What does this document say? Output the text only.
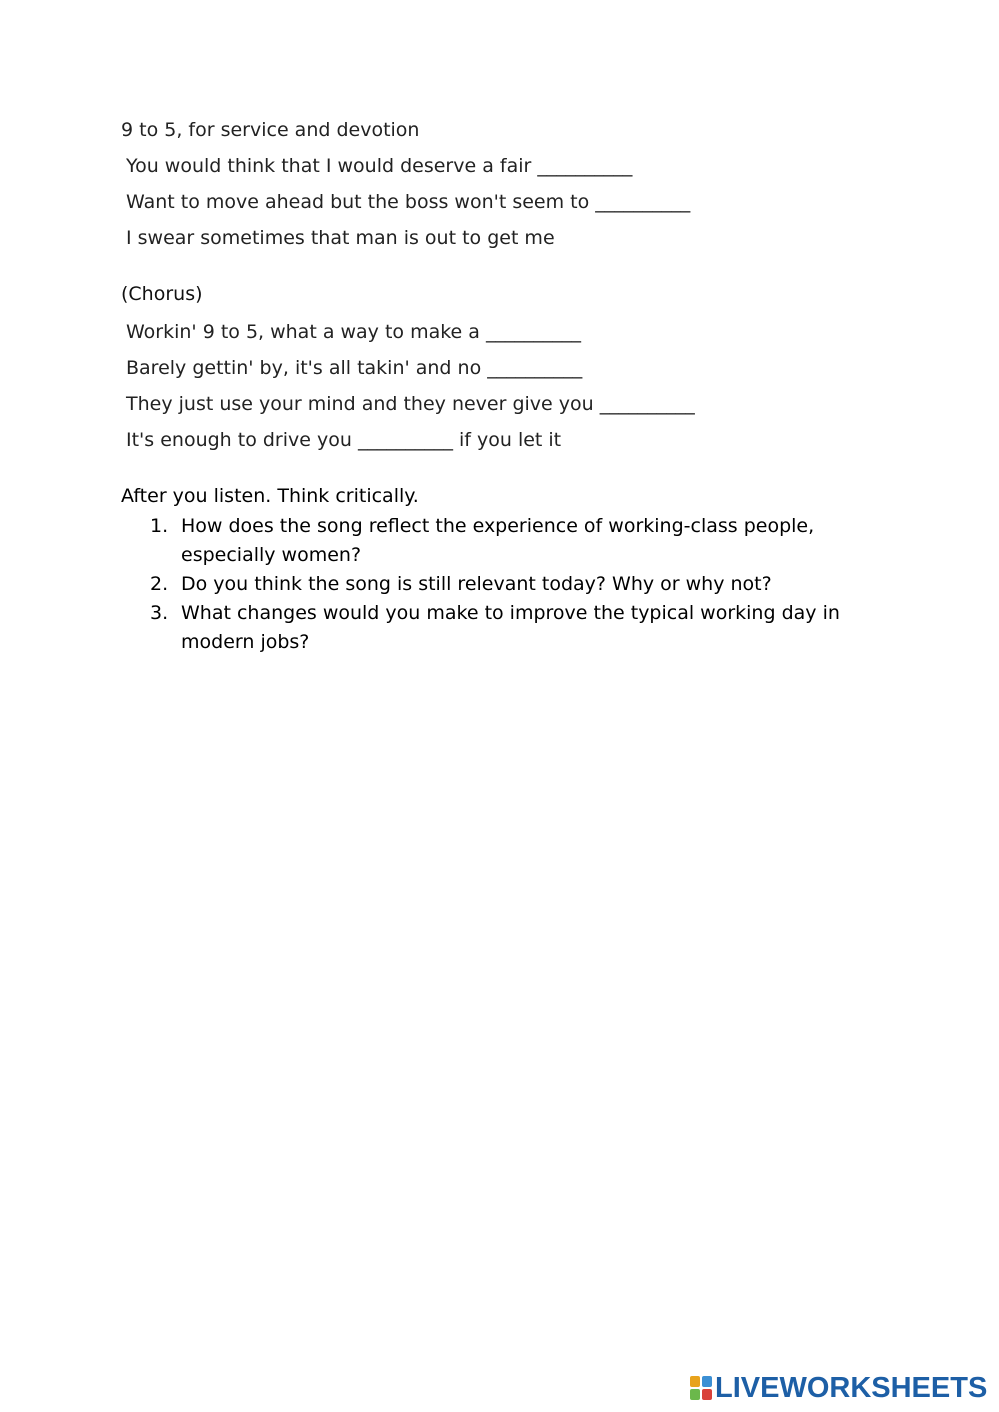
9 to 5, for service and devotion
You would think that I would deserve a fair __________
Want to move ahead but the boss won't seem to __________
I swear sometimes that man is out to get me
(Chorus)
Workin' 9 to 5, what a way to make a __________
Barely gettin' by, it's all takin' and no __________
They just use your mind and they never give you __________
It's enough to drive you __________ if you let it
After you listen. Think critically.
1. How does the song reflect the experience of working-class people,
especially women?
2. Do you think the song is still relevant today? Why or why not?
3. What changes would you make to improve the typical working day in
modern jobs?
LIVEWORKSHEETS
